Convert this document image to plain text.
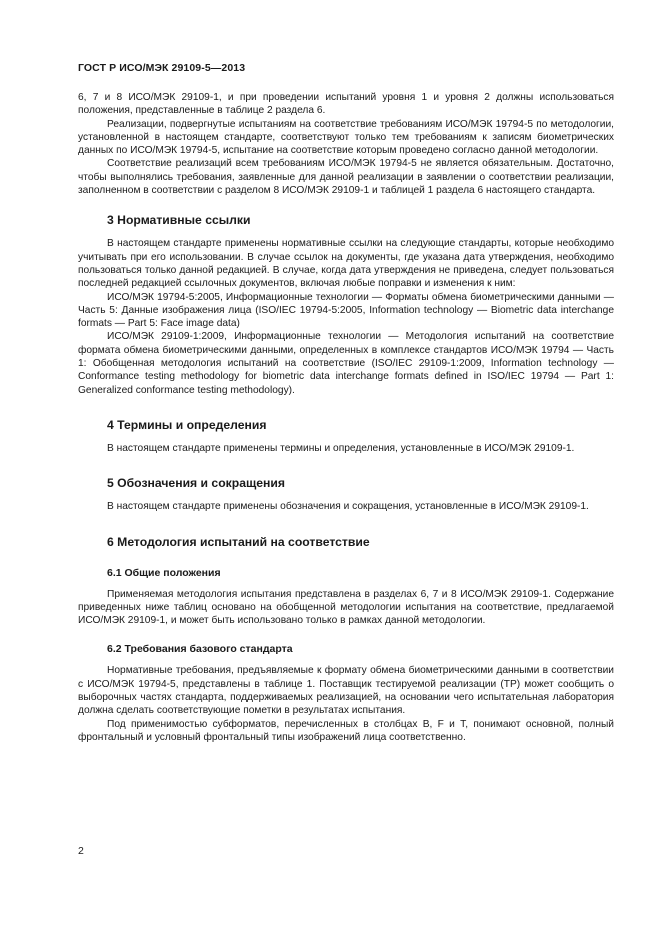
ГОСТ Р ИСО/МЭК 29109-5—2013

6, 7 и 8 ИСО/МЭК 29109-1, и при проведении испытаний уровня 1 и уровня 2 должны использоваться положения, представленные в таблице 2 раздела 6.

Реализации, подвергнутые испытаниям на соответствие требованиям ИСО/МЭК 19794-5 по методологии, установленной в настоящем стандарте, соответствуют только тем требованиям к записям биометрических данных по ИСО/МЭК 19794-5, испытание на соответствие которым проведено согласно данной методологии.

Соответствие реализаций всем требованиям ИСО/МЭК 19794-5 не является обязательным. Достаточно, чтобы выполнялись требования, заявленные для данной реализации в заявлении о соответствии реализации, заполненном в соответствии с разделом 8 ИСО/МЭК 29109-1 и таблицей 1 раздела 6 настоящего стандарта.

3 Нормативные ссылки

В настоящем стандарте применены нормативные ссылки на следующие стандарты, которые необходимо учитывать при его использовании. В случае ссылок на документы, где указана дата утверждения, необходимо пользоваться только данной редакцией. В случае, когда дата утверждения не приведена, следует пользоваться последней редакцией ссылочных документов, включая любые поправки и изменения к ним:

ИСО/МЭК 19794-5:2005, Информационные технологии — Форматы обмена биометрическими данными — Часть 5: Данные изображения лица (ISO/IEC 19794-5:2005, Information technology — Biometric data interchange formats — Part 5: Face image data)

ИСО/МЭК 29109-1:2009, Информационные технологии — Методология испытаний на соответствие формата обмена биометрическими данными, определенных в комплексе стандартов ИСО/МЭК 19794 — Часть 1: Обобщенная методология испытаний на соответствие (ISO/IEC 29109-1:2009, Information technology — Conformance testing methodology for biometric data interchange formats defined in ISO/IEC 19794 — Part 1: Generalized conformance testing methodology).

4 Термины и определения

В настоящем стандарте применены термины и определения, установленные в ИСО/МЭК 29109-1.

5 Обозначения и сокращения

В настоящем стандарте применены обозначения и сокращения, установленные в ИСО/МЭК 29109-1.

6 Методология испытаний на соответствие
6.1 Общие положения

Применяемая методология испытания представлена в разделах 6, 7 и 8 ИСО/МЭК 29109-1. Содержание приведенных ниже таблиц основано на обобщенной методологии испытания на соответствие, предлагаемой ИСО/МЭК 29109-1, и может быть использовано только в рамках данной методологии.

6.2 Требования базового стандарта

Нормативные требования, предъявляемые к формату обмена биометрическими данными в соответствии с ИСО/МЭК 19794-5, представлены в таблице 1. Поставщик тестируемой реализации (ТР) может сообщить о выборочных частях стандарта, поддерживаемых реализацией, на основании чего испытательная лаборатория должна сделать соответствующие пометки в результатах испытания.

Под применимостью субформатов, перечисленных в столбцах В, F и Т, понимают основной, полный фронтальный и условный фронтальный типы изображений лица соответственно.

2
